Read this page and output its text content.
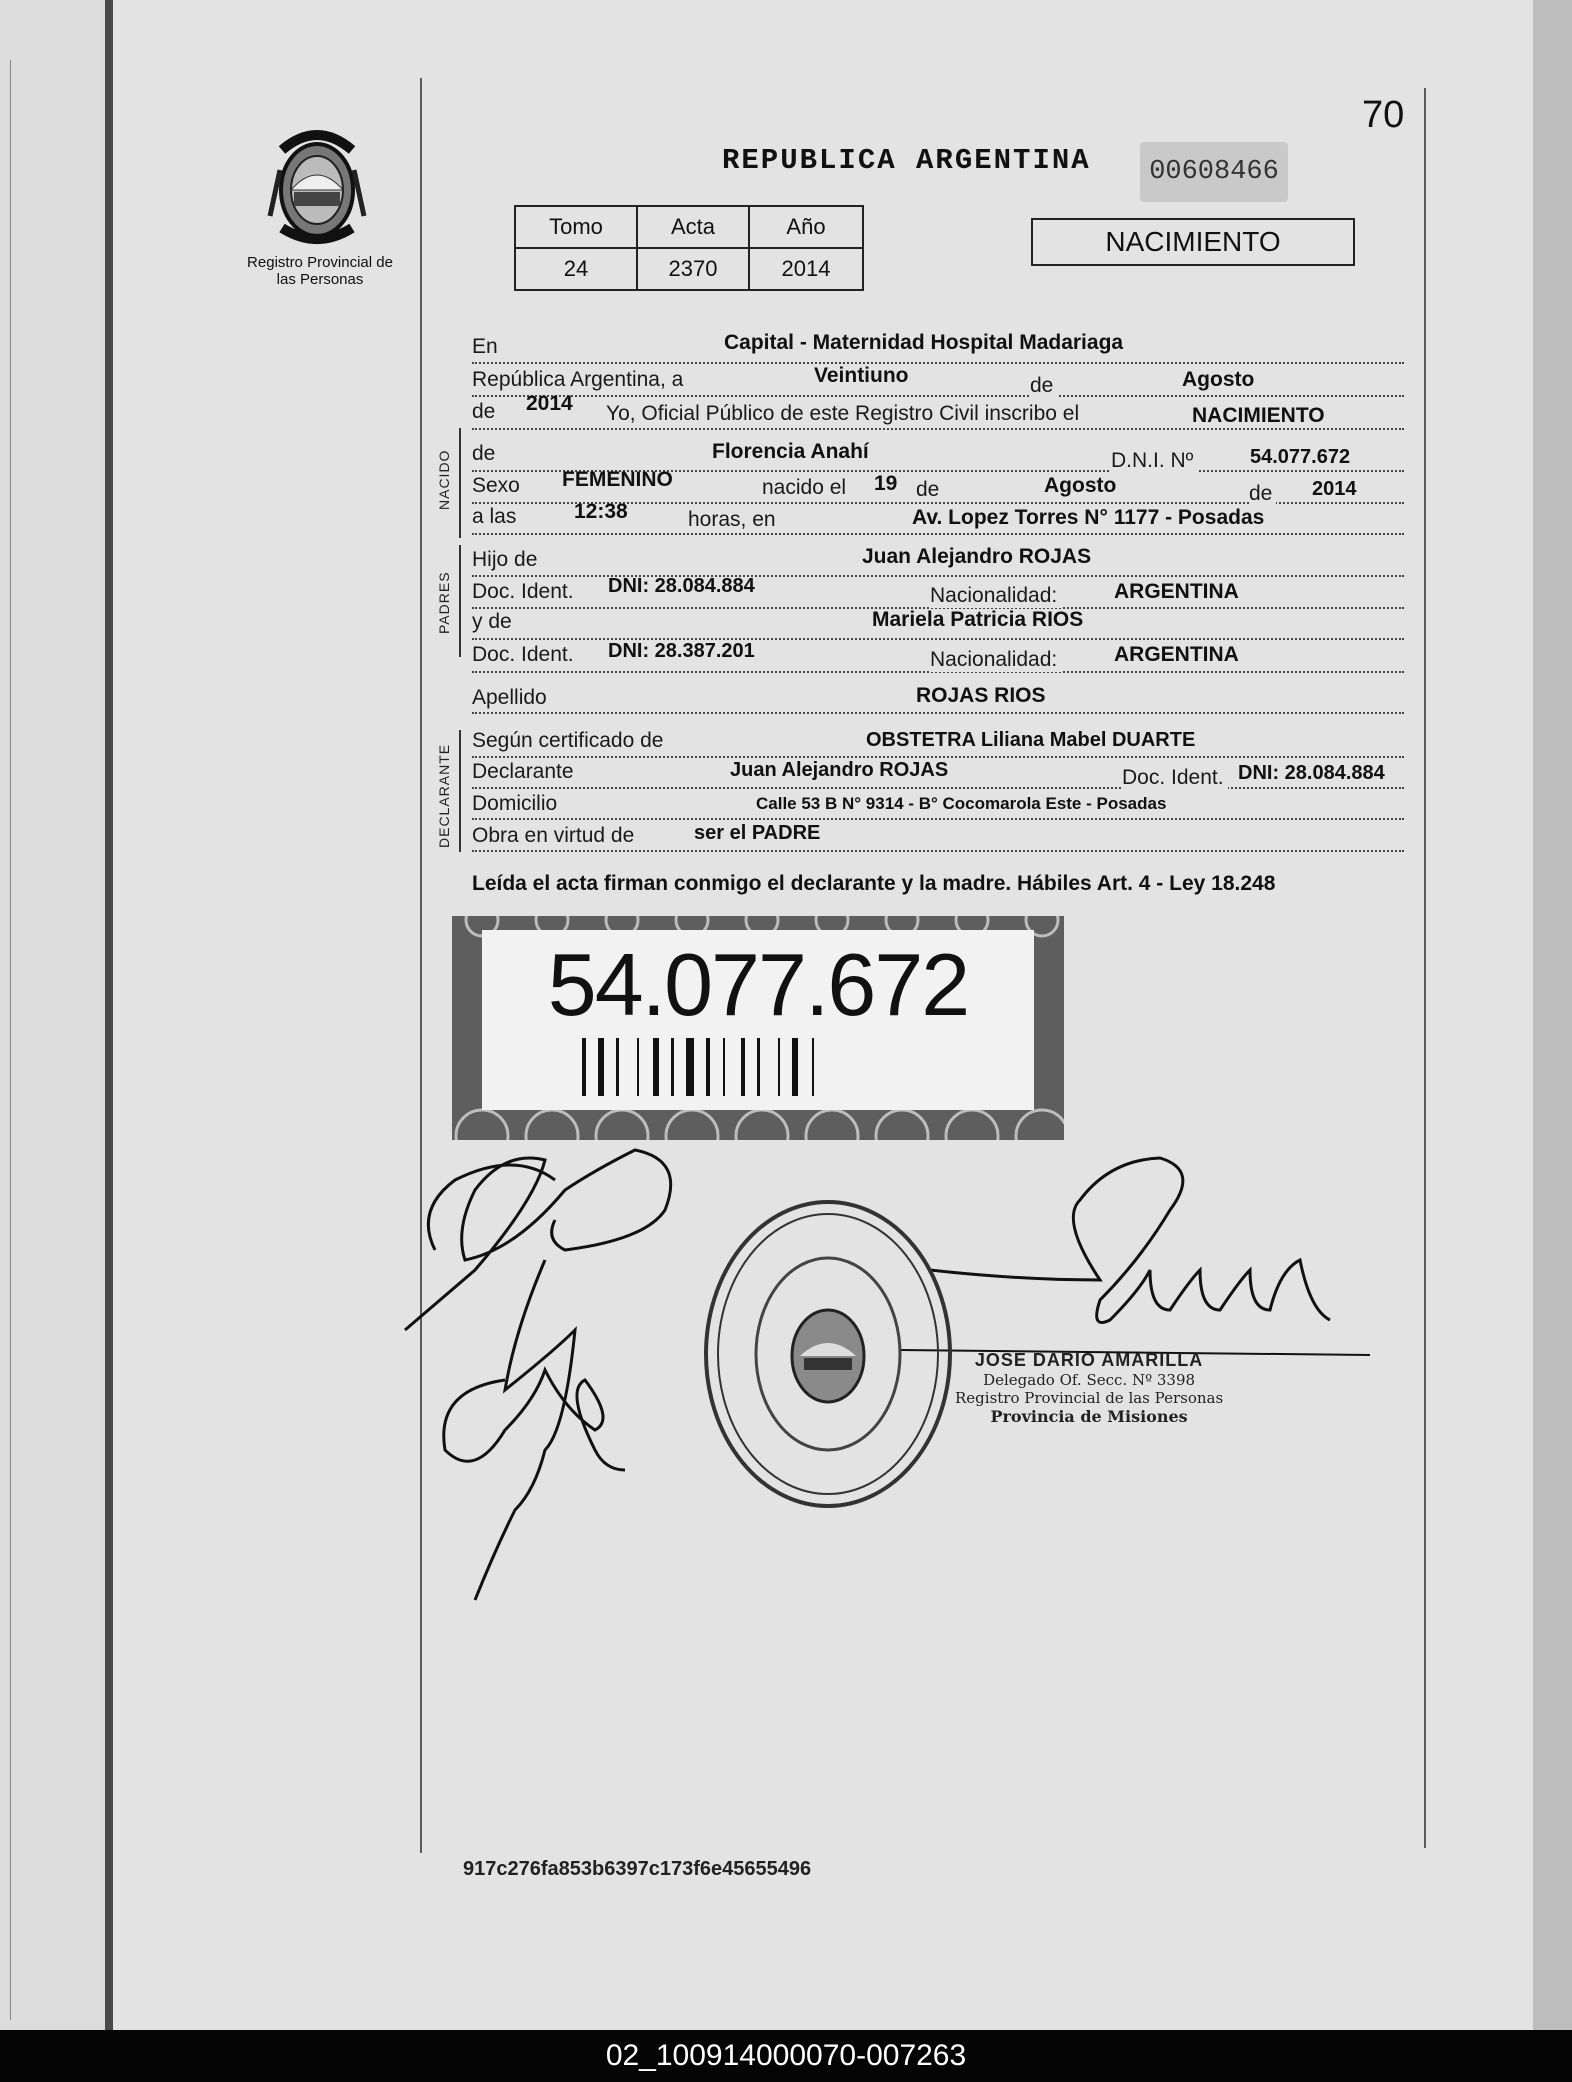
70
Registro Provincial de las Personas
REPUBLICA ARGENTINA	00608466
Tomo	Acta	Año
24	2370	2014
NACIMIENTO
NACIDO
PADRES
DECLARANTE
En	Capital - Maternidad Hospital Madariaga
República Argentina, a	Veintiuno	de	Agosto
de 2014 Yo, Oficial Público de este Registro Civil inscribo el	NACIMIENTO
de	Florencia Anahí	D.N.I. Nº	54.077.672
Sexo FEMENINO	nacido el 19 de	Agosto	de 2014
a las	12:38	horas, en	Av. Lopez Torres N° 1177 - Posadas
Hijo de	Juan Alejandro ROJAS
Doc. Ident. DNI: 28.084.884	Nacionalidad:	ARGENTINA
y de	Mariela Patricia RIOS
Doc. Ident. DNI: 28.387.201	Nacionalidad:	ARGENTINA
Apellido	ROJAS RIOS
Según certificado de	OBSTETRA Liliana Mabel DUARTE
Declarante	Juan Alejandro ROJAS	Doc. Ident. DNI: 28.084.884
Domicilio	Calle 53 B N° 9314 - B° Cocomarola Este - Posadas
Obra en virtud de	ser el PADRE
Leída el acta firman conmigo el declarante y la madre. Hábiles Art. 4 - Ley 18.248
54.077.672
JOSE DARIO AMARILLA
Delegado Of. Secc. Nº 3398
Registro Provincial de las Personas
Provincia de Misiones
917c276fa853b6397c173f6e45655496
02_100914000070-007263
